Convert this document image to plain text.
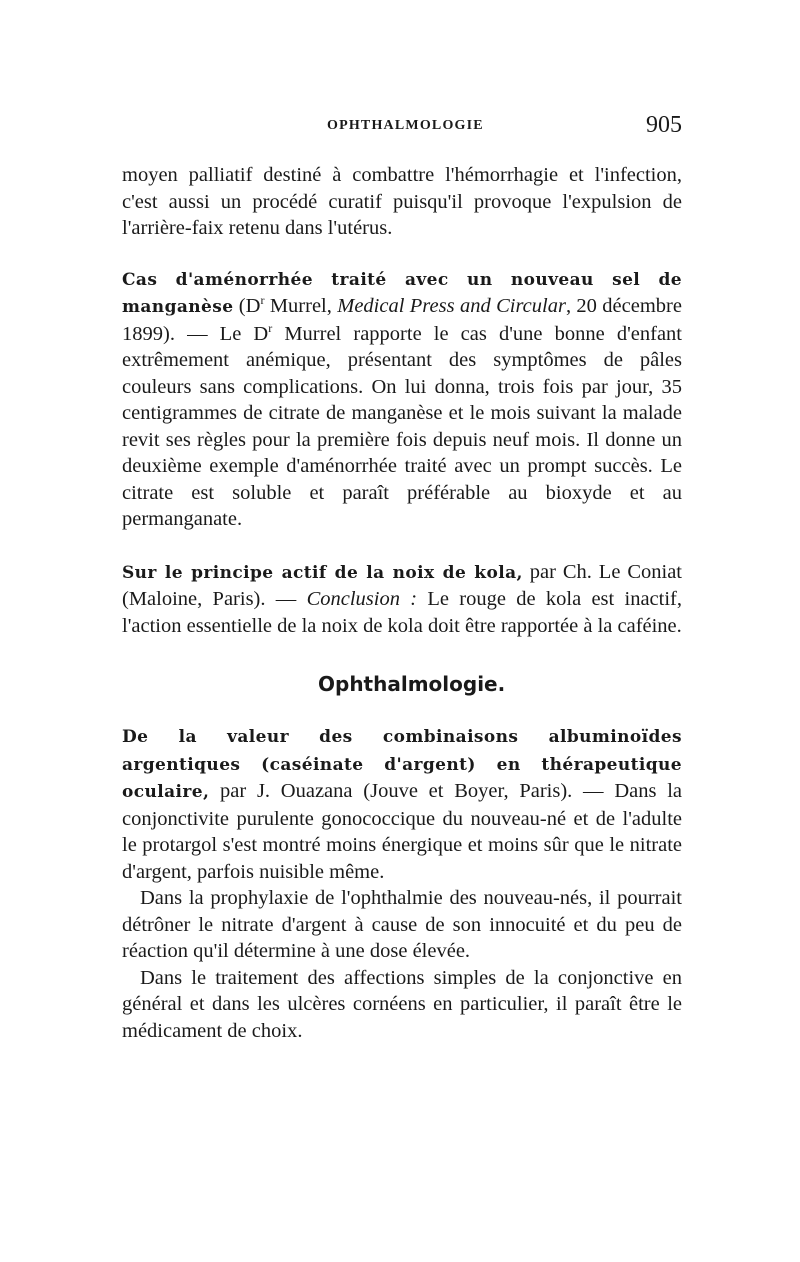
OPHTHALMOLOGIE	905

moyen palliatif destiné à combattre l'hémorrhagie et l'infection, c'est aussi un procédé curatif puisqu'il provoque l'expulsion de l'arrière-faix retenu dans l'utérus.

Cas d'aménorrhée traité avec un nouveau sel de manganèse ($D^r$ Murrel, Medical Press and Circular, 20 décembre 1899). — Le $D^r$ Murrel rapporte le cas d'une bonne d'enfant extrêmement anémique, présentant des symptômes de pâles couleurs sans complications. On lui donna, trois fois par jour, 35 centigrammes de citrate de manganèse et le mois suivant la malade revit ses règles pour la première fois depuis neuf mois. Il donne un deuxième exemple d'aménorrhée traité avec un prompt succès. Le citrate est soluble et paraît préférable au bioxyde et au permanganate.

Sur le principe actif de la noix de kola, par Ch. Le Coniat (Maloine, Paris). — Conclusion : Le rouge de kola est inactif, l'action essentielle de la noix de kola doit être rapportée à la caféine.

Ophthalmologie.

De la valeur des combinaisons albuminoïdes argentiques (caséinate d'argent) en thérapeutique oculaire, par J. Ouazana (Jouve et Boyer, Paris). — Dans la conjonctivite purulente gonococcique du nouveau-né et de l'adulte le protargol s'est montré moins énergique et moins sûr que le nitrate d'argent, parfois nuisible même.

Dans la prophylaxie de l'ophthalmie des nouveau-nés, il pourrait détrôner le nitrate d'argent à cause de son innocuité et du peu de réaction qu'il détermine à une dose élevée.

Dans le traitement des affections simples de la conjonctive en général et dans les ulcères cornéens en particulier, il paraît être le médicament de choix.
